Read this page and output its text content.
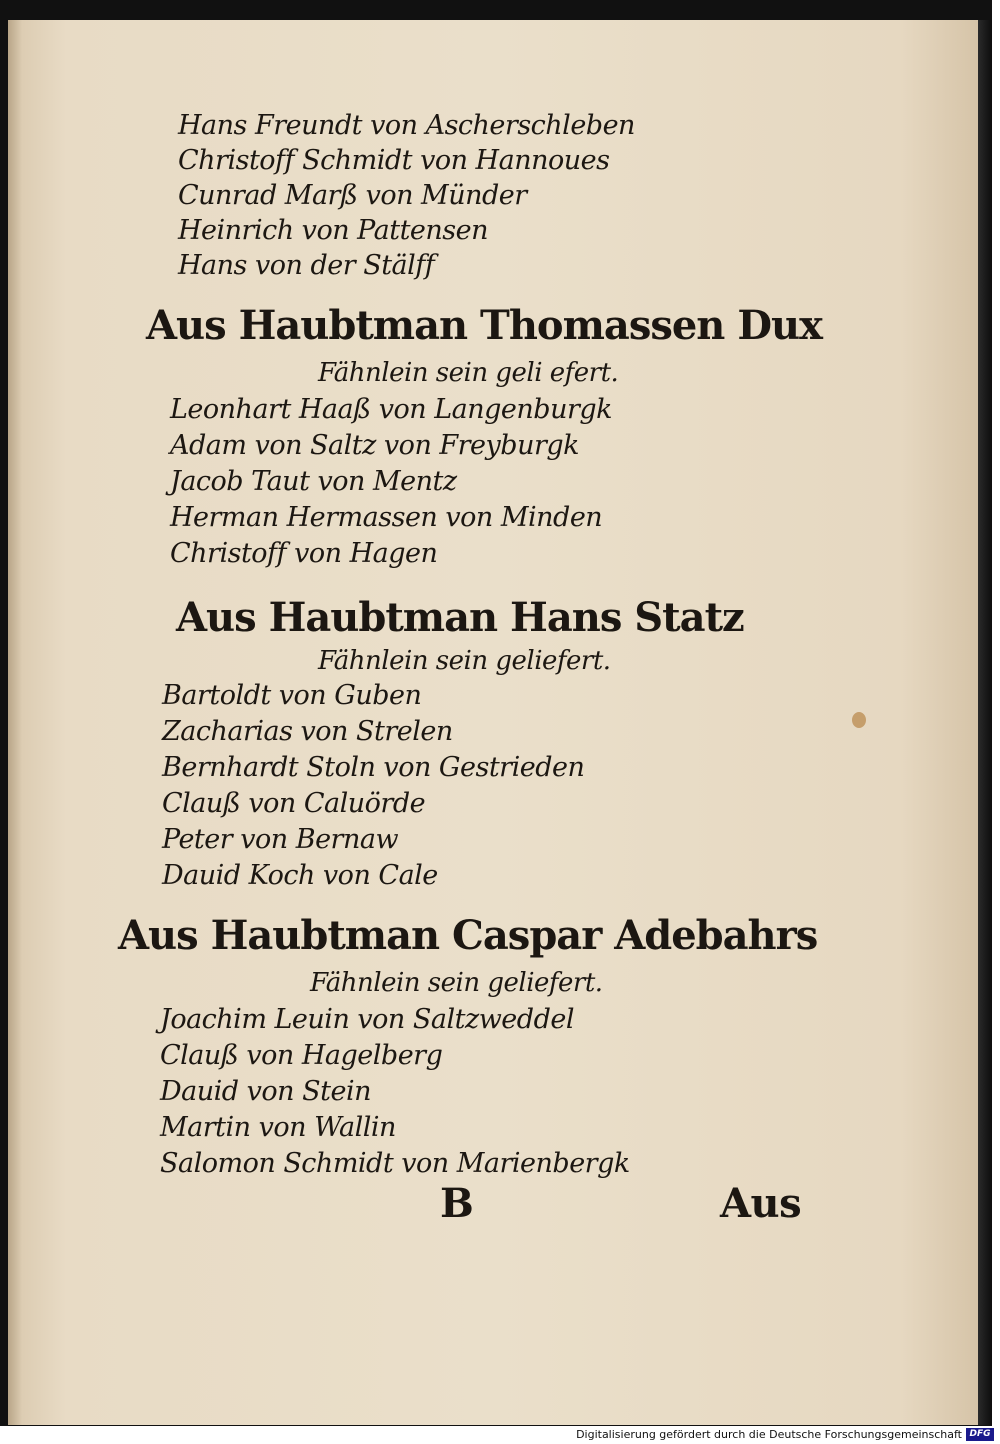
Hans Freundt von Ascherschleben

Christoff Schmidt von Hannoues

Cunrad Marß von Münder

Heinrich von Pattensen

Hans von der Stälff

Aus Haubtman Thomassen Dux

Fähnlein sein geli efert.

Leonhart Haaß von Langenburgk

Adam von Saltz von Freyburgk

Jacob Taut von Mentz

Herman Hermassen von Minden

Christoff von Hagen

Aus Haubtman Hans Statz

Fähnlein sein geliefert.

Bartoldt von Guben

Zacharias von Strelen

Bernhardt Stoln von Gestrieden

Clauß von Caluörde

Peter von Bernaw

Dauid Koch von Cale

Aus Haubtman Caspar Adebahrs

Fähnlein sein geliefert.

Joachim Leuin von Saltzweddel

Clauß von Hagelberg

Dauid von Stein

Martin von Wallin

Salomon Schmidt von Marienbergk

B	Aus

Digitalisierung gefördert durch die Deutsche Forschungsgemeinschaft DFG
